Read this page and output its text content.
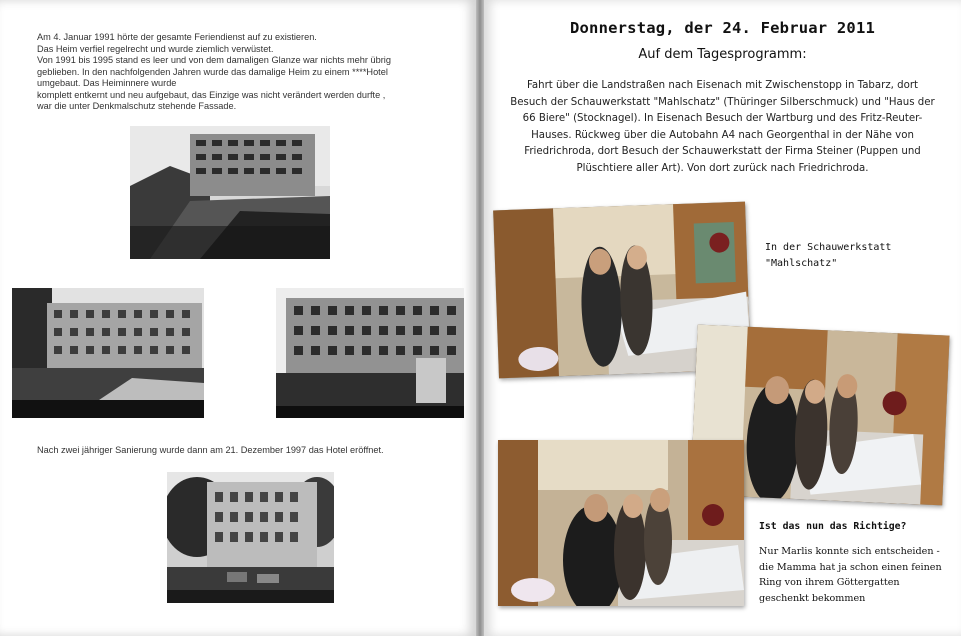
Am 4. Januar 1991 hörte der gesamte Feriendienst auf zu existieren.
Das Heim verfiel regelrecht und wurde ziemlich verwüstet.
Von 1991 bis 1995 stand es leer und von dem damaligen Glanze war nichts mehr übrig
geblieben. In den nachfolgenden Jahren wurde das damalige Heim zu einem ****Hotel
umgebaut. Das Heiminnere wurde
komplett entkernt und neu aufgebaut, das Einzige was nicht verändert werden durfte ,
war die unter Denkmalschutz stehende Fassade.
Nach zwei jähriger Sanierung wurde dann am 21. Dezember 1997 das Hotel eröffnet.
Donnerstag, der 24. Februar 2011
Auf dem Tagesprogramm:
Fahrt über die Landstraßen nach Eisenach mit Zwischenstopp in Tabarz, dort
Besuch der Schauwerkstatt "Mahlschatz" (Thüringer Silberschmuck) und "Haus der
66 Biere" (Stocknagel). In Eisenach Besuch der Wartburg und des Fritz-Reuter-
Hauses. Rückweg über die Autobahn A4 nach Georgenthal in der Nähe von
Friedrichroda, dort Besuch der Schauwerkstatt der Firma Steiner (Puppen und
Plüschtiere aller Art). Von dort zurück nach Friedrichroda.
In der Schauwerkstatt
"Mahlschatz"
Ist das nun das Richtige?
Nur Marlis konnte sich entscheiden -
die Mamma hat ja schon einen feinen
Ring von ihrem Göttergatten
geschenkt bekommen
